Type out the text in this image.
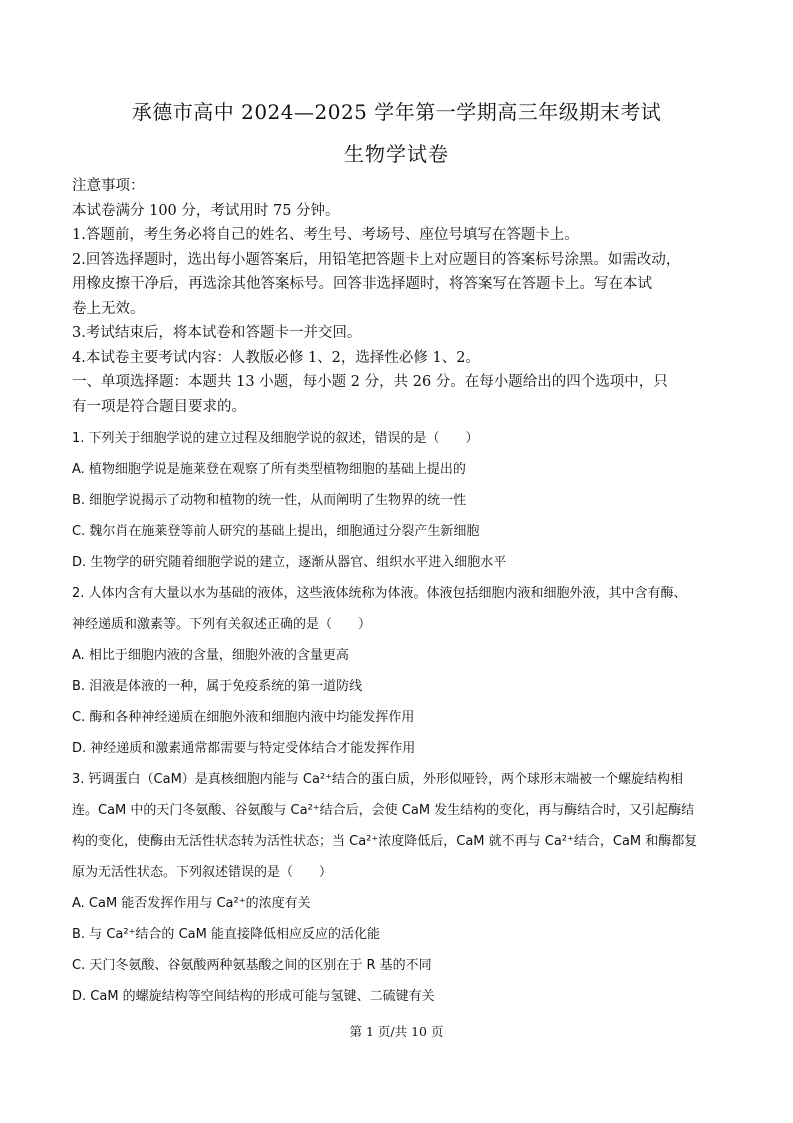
承德市高中 2024—2025 学年第一学期高三年级期末考试
生物学试卷
注意事项：
本试卷满分 100 分，考试用时 75 分钟。
1.答题前，考生务必将自己的姓名、考生号、考场号、座位号填写在答题卡上。
2.回答选择题时，选出每小题答案后，用铅笔把答题卡上对应题目的答案标号涂黑。如需改动，
用橡皮擦干净后，再选涂其他答案标号。回答非选择题时，将答案写在答题卡上。写在本试
卷上无效。
3.考试结束后，将本试卷和答题卡一并交回。
4.本试卷主要考试内容：人教版必修 1、2，选择性必修 1、2。
一、单项选择题：本题共 13 小题，每小题 2 分，共 26 分。在每小题给出的四个选项中，只
有一项是符合题目要求的。
1. 下列关于细胞学说的建立过程及细胞学说的叙述，错误的是（　　）
A. 植物细胞学说是施莱登在观察了所有类型植物细胞的基础上提出的
B. 细胞学说揭示了动物和植物的统一性，从而阐明了生物界的统一性
C. 魏尔肖在施莱登等前人研究的基础上提出，细胞通过分裂产生新细胞
D. 生物学的研究随着细胞学说的建立，逐渐从器官、组织水平进入细胞水平
2. 人体内含有大量以水为基础的液体，这些液体统称为体液。体液包括细胞内液和细胞外液，其中含有酶、
神经递质和激素等。下列有关叙述正确的是（　　）
A. 相比于细胞内液的含量，细胞外液的含量更高
B. 泪液是体液的一种，属于免疫系统的第一道防线
C. 酶和各种神经递质在细胞外液和细胞内液中均能发挥作用
D. 神经递质和激素通常都需要与特定受体结合才能发挥作用
3. 钙调蛋白（CaM）是真核细胞内能与 Ca²⁺结合的蛋白质，外形似哑铃，两个球形末端被一个螺旋结构相
连。CaM 中的天门冬氨酸、谷氨酸与 Ca²⁺结合后，会使 CaM 发生结构的变化，再与酶结合时，又引起酶结
构的变化，使酶由无活性状态转为活性状态；当 Ca²⁺浓度降低后，CaM 就不再与 Ca²⁺结合，CaM 和酶都复
原为无活性状态。下列叙述错误的是（　　）
A. CaM 能否发挥作用与 Ca²⁺的浓度有关
B. 与 Ca²⁺结合的 CaM 能直接降低相应反应的活化能
C. 天门冬氨酸、谷氨酸两种氨基酸之间的区别在于 R 基的不同
D. CaM 的螺旋结构等空间结构的形成可能与氢键、二硫键有关
第 1 页/共 10 页
